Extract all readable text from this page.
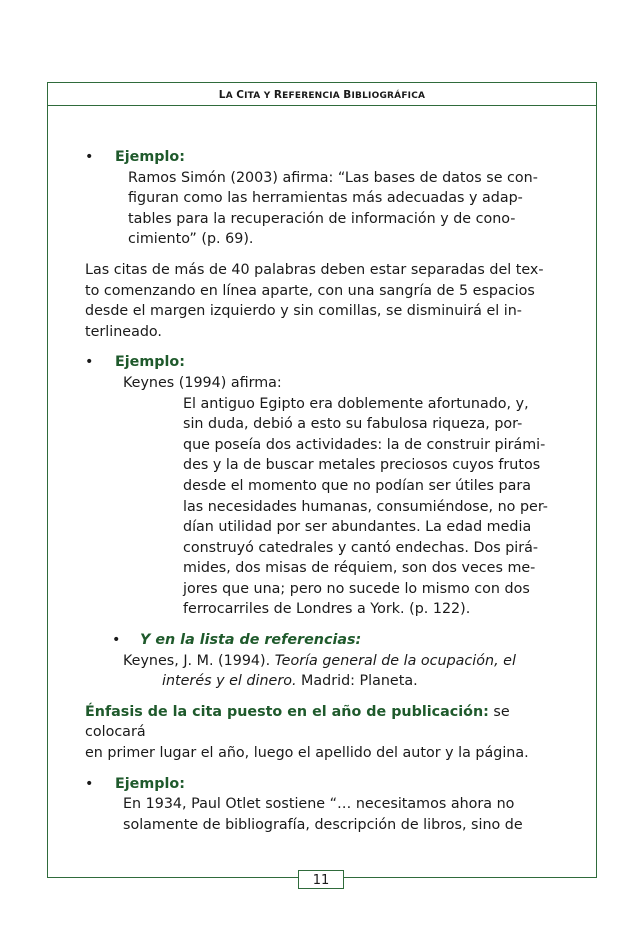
LA CITA Y REFERENCIA BIBLIOGRÁFICA
• Ejemplo:
Ramos Simón (2003) afirma: “Las bases de datos se con-
figuran como las herramientas más adecuadas y adap-
tables para la recuperación de información y de cono-
cimiento” (p. 69).
Las citas de más de 40 palabras deben estar separadas del tex-
to comenzando en línea aparte, con una sangría de 5 espacios
desde el margen izquierdo y sin comillas, se disminuirá el in-
terlineado.
• Ejemplo:
Keynes (1994) afirma:
El antiguo Egipto era doblemente afortunado, y,
sin duda, debió a esto su fabulosa riqueza, por-
que poseía dos actividades: la de construir pirámi-
des y la de buscar metales preciosos cuyos frutos
desde el momento que no podían ser útiles para
las necesidades humanas, consumiéndose, no per-
dían utilidad por ser abundantes. La edad media
construyó catedrales y cantó endechas. Dos pirá-
mides, dos misas de réquiem, son dos veces me-
jores que una; pero no sucede lo mismo con dos
ferrocarriles de Londres a York. (p. 122).
• Y en la lista de referencias:
Keynes, J. M. (1994). Teoría general de la ocupación, el
interés y el dinero. Madrid: Planeta.
Énfasis de la cita puesto en el año de publicación: se colocará
en primer lugar el año, luego el apellido del autor y la página.
• Ejemplo:
En 1934, Paul Otlet sostiene “… necesitamos ahora no
solamente de bibliografía, descripción de libros, sino de
11
